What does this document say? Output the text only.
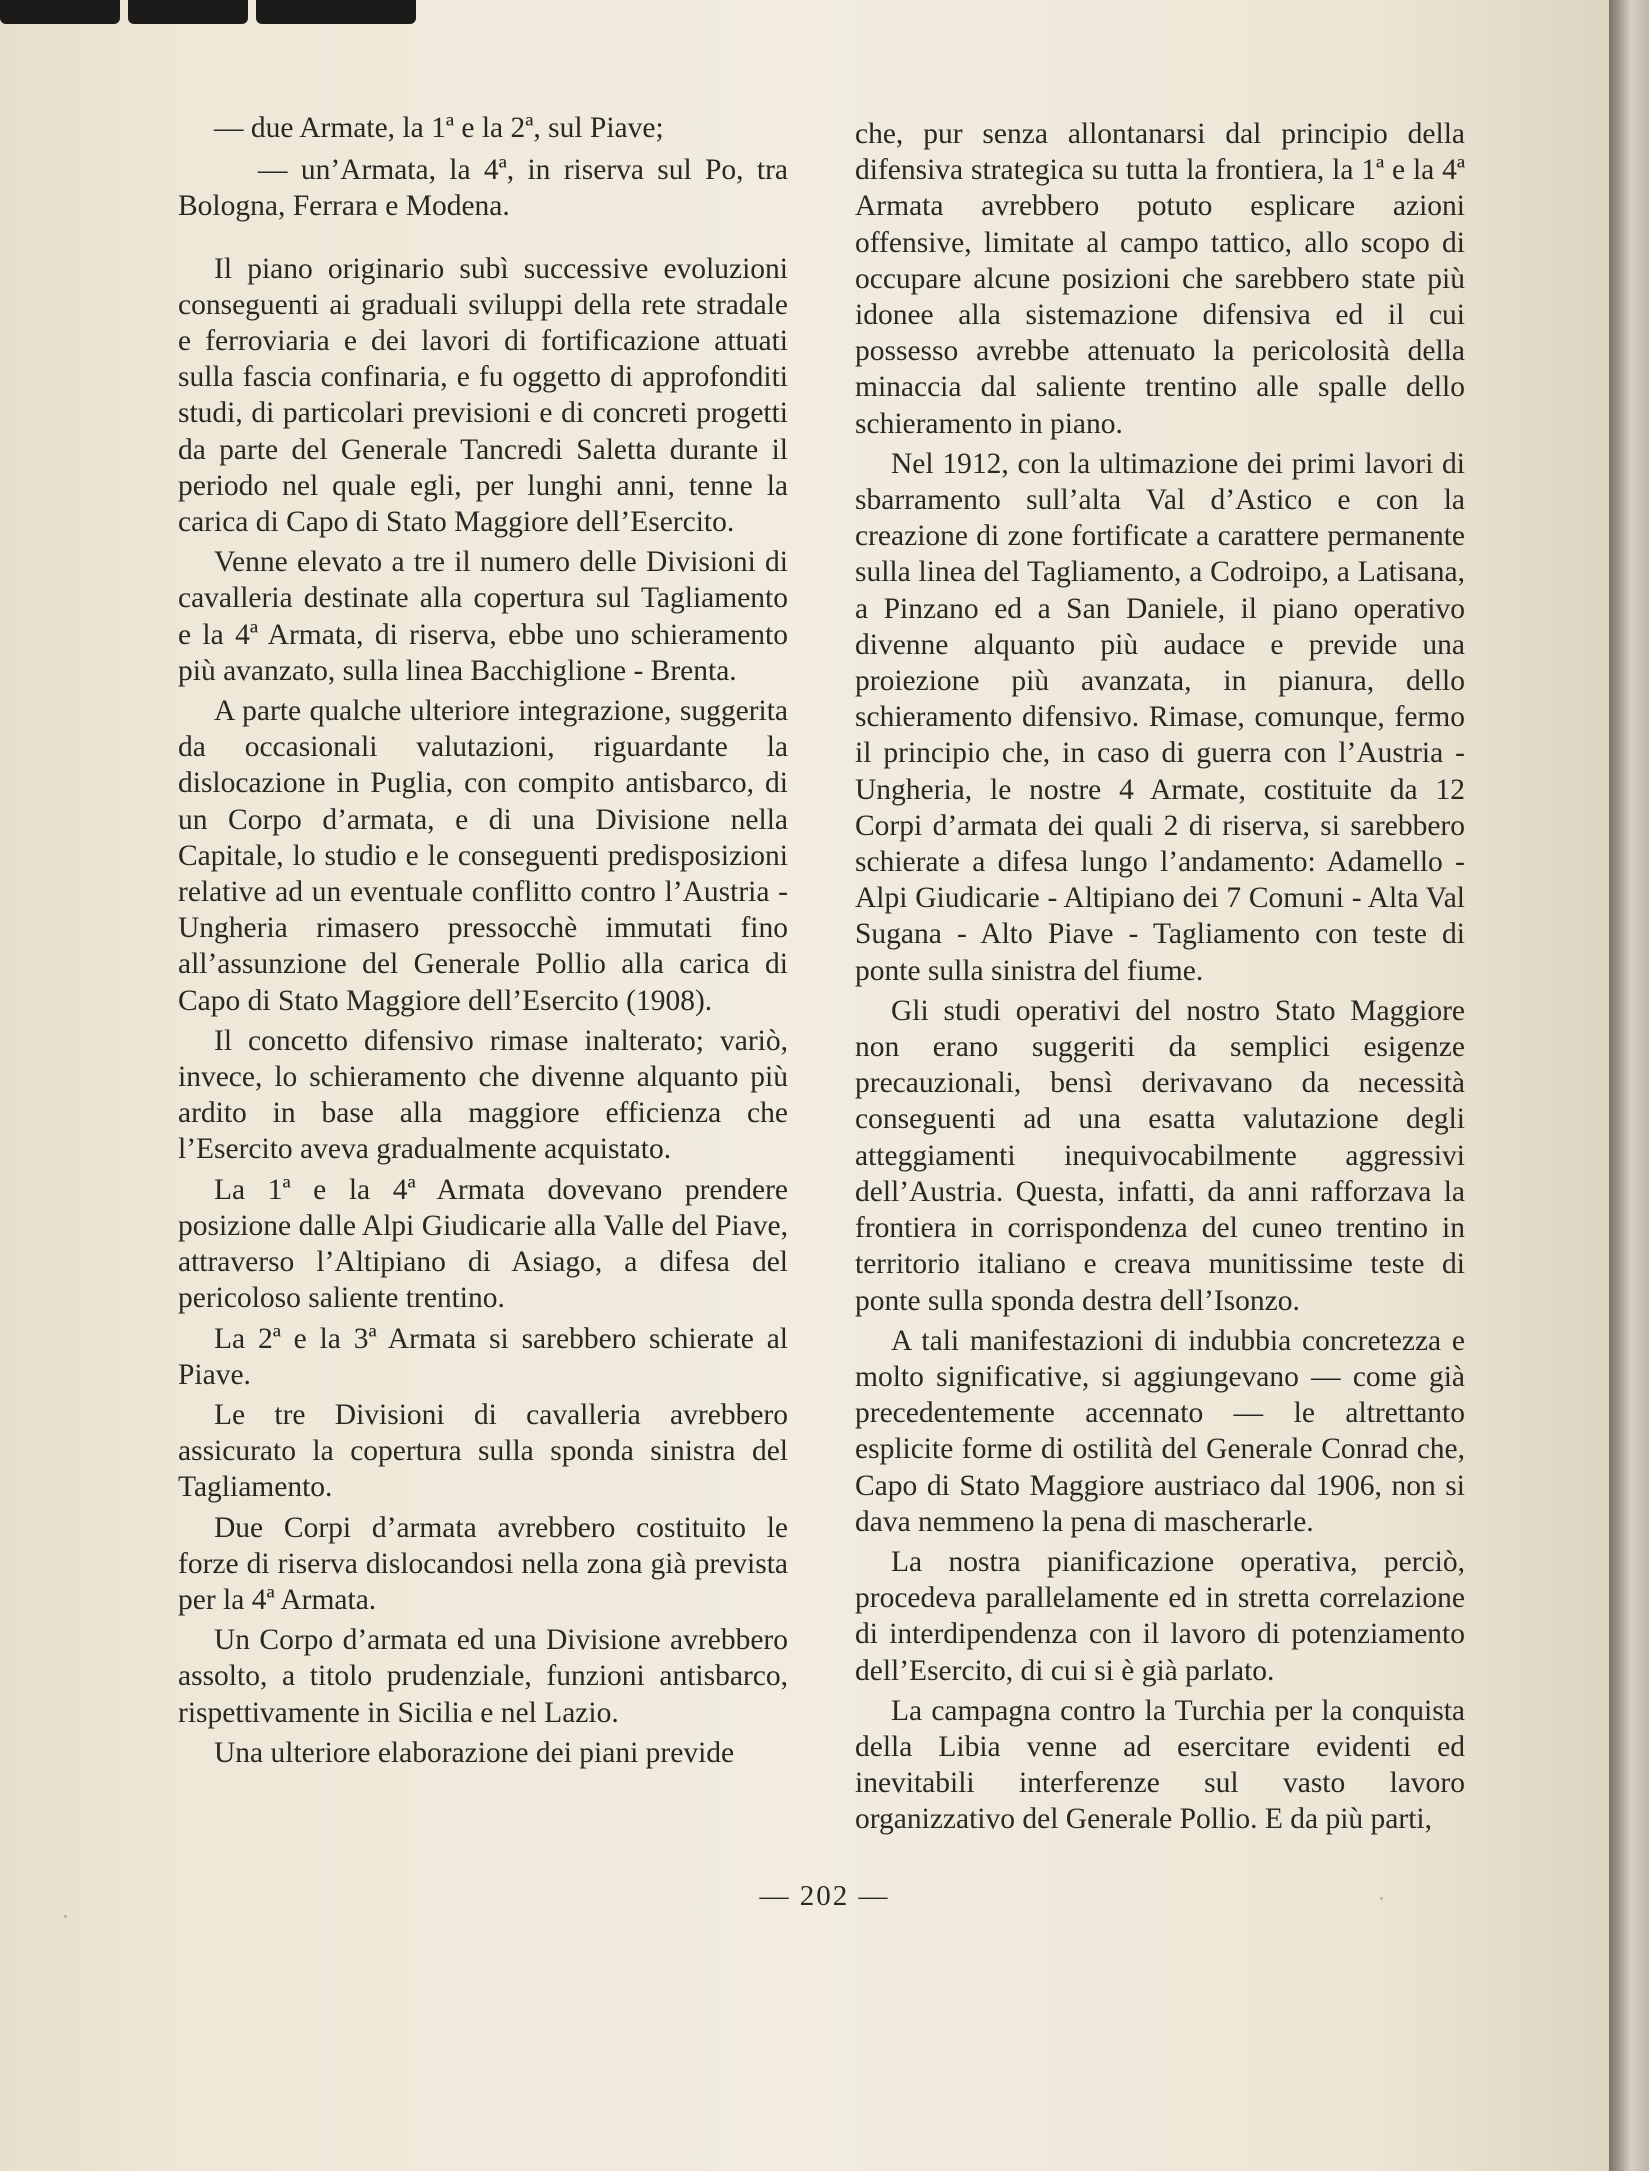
— due Armate, la 1ª e la 2ª, sul Piave;

— un’Armata, la 4ª, in riserva sul Po, tra Bologna, Ferrara e Modena.

Il piano originario subì successive evoluzioni conseguenti ai graduali sviluppi della rete stradale e ferroviaria e dei lavori di fortificazione attuati sulla fascia confinaria, e fu oggetto di approfonditi studi, di particolari previsioni e di concreti progetti da parte del Generale Tancredi Saletta durante il periodo nel quale egli, per lunghi anni, tenne la carica di Capo di Stato Maggiore dell’Esercito.

Venne elevato a tre il numero delle Divisioni di cavalleria destinate alla copertura sul Tagliamento e la 4ª Armata, di riserva, ebbe uno schieramento più avanzato, sulla linea Bacchiglione - Brenta.

A parte qualche ulteriore integrazione, suggerita da occasionali valutazioni, riguardante la dislocazione in Puglia, con compito antisbarco, di un Corpo d’armata, e di una Divisione nella Capitale, lo studio e le conseguenti predisposizioni relative ad un eventuale conflitto contro l’Austria - Ungheria rimasero pressocchè immutati fino all’assunzione del Generale Pollio alla carica di Capo di Stato Maggiore dell’Esercito (1908).

Il concetto difensivo rimase inalterato; variò, invece, lo schieramento che divenne alquanto più ardito in base alla maggiore efficienza che l’Esercito aveva gradualmente acquistato.

La 1ª e la 4ª Armata dovevano prendere posizione dalle Alpi Giudicarie alla Valle del Piave, attraverso l’Altipiano di Asiago, a difesa del pericoloso saliente trentino.

La 2ª e la 3ª Armata si sarebbero schierate al Piave.

Le tre Divisioni di cavalleria avrebbero assicurato la copertura sulla sponda sinistra del Tagliamento.

Due Corpi d’armata avrebbero costituito le forze di riserva dislocandosi nella zona già prevista per la 4ª Armata.

Un Corpo d’armata ed una Divisione avrebbero assolto, a titolo prudenziale, funzioni antisbarco, rispettivamente in Sicilia e nel Lazio.

Una ulteriore elaborazione dei piani previde

che, pur senza allontanarsi dal principio della difensiva strategica su tutta la frontiera, la 1ª e la 4ª Armata avrebbero potuto esplicare azioni offensive, limitate al campo tattico, allo scopo di occupare alcune posizioni che sarebbero state più idonee alla sistemazione difensiva ed il cui possesso avrebbe attenuato la pericolosità della minaccia dal saliente trentino alle spalle dello schieramento in piano.

Nel 1912, con la ultimazione dei primi lavori di sbarramento sull’alta Val d’Astico e con la creazione di zone fortificate a carattere permanente sulla linea del Tagliamento, a Codroipo, a Latisana, a Pinzano ed a San Daniele, il piano operativo divenne alquanto più audace e previde una proiezione più avanzata, in pianura, dello schieramento difensivo. Rimase, comunque, fermo il principio che, in caso di guerra con l’Austria - Ungheria, le nostre 4 Armate, costituite da 12 Corpi d’armata dei quali 2 di riserva, si sarebbero schierate a difesa lungo l’andamento: Adamello - Alpi Giudicarie - Altipiano dei 7 Comuni - Alta Val Sugana - Alto Piave - Tagliamento con teste di ponte sulla sinistra del fiume.

Gli studi operativi del nostro Stato Maggiore non erano suggeriti da semplici esigenze precauzionali, bensì derivavano da necessità conseguenti ad una esatta valutazione degli atteggiamenti inequivocabilmente aggressivi dell’Austria. Questa, infatti, da anni rafforzava la frontiera in corrispondenza del cuneo trentino in territorio italiano e creava munitissime teste di ponte sulla sponda destra dell’Isonzo.

A tali manifestazioni di indubbia concretezza e molto significative, si aggiungevano — come già precedentemente accennato — le altrettanto esplicite forme di ostilità del Generale Conrad che, Capo di Stato Maggiore austriaco dal 1906, non si dava nemmeno la pena di mascherarle.

La nostra pianificazione operativa, perciò, procedeva parallelamente ed in stretta correlazione di interdipendenza con il lavoro di potenziamento dell’Esercito, di cui si è già parlato.

La campagna contro la Turchia per la conquista della Libia venne ad esercitare evidenti ed inevitabili interferenze sul vasto lavoro organizzativo del Generale Pollio. E da più parti,

— 202 —
